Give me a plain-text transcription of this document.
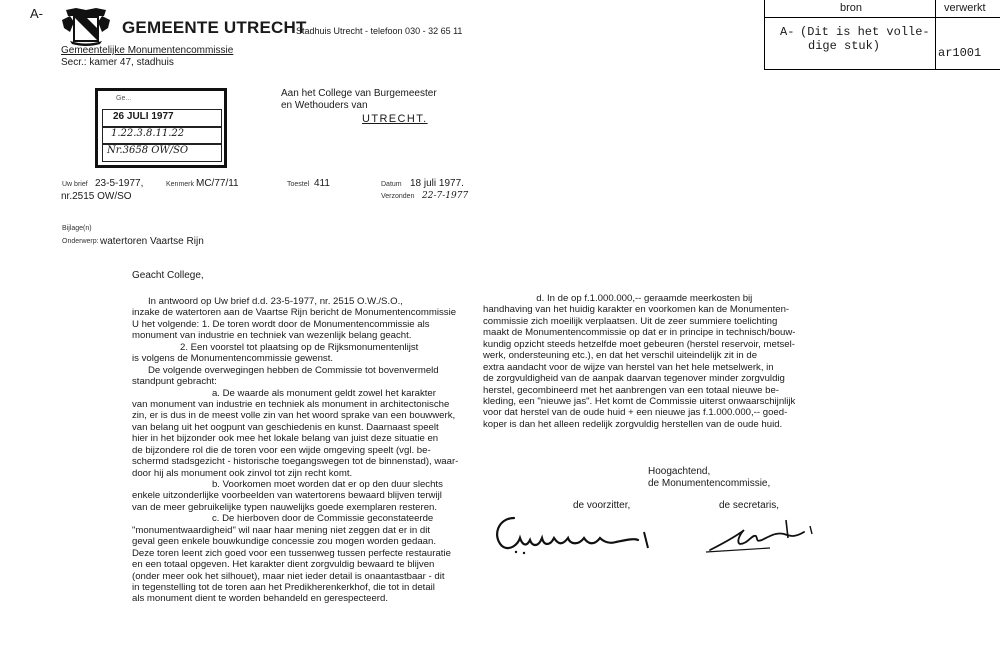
A-
GEMEENTE UTRECHT
Stadhuis Utrecht - telefoon 030 - 32 65 11
Gemeentelijke Monumentencommissie
Secr.: kamer 47, stadhuis
bron	verwerkt
A- (Dit is het volle-
dige stuk)	ar1001
Ge...
26 JULI 1977
1.22.3.8.11.22
Nr.3658 OW/SO
Aan het College van Burgemeester
en Wethouders van
UTRECHT.
Uw brief 23-5-1977,
nr.2515 OW/SO
Kenmerk MC/77/11	Toestel 411	Datum 18 juli 1977.
Verzonden 22-7-1977
Bijlage(n)
Onderwerp: watertoren Vaartse Rijn
Geacht College,
In antwoord op Uw brief d.d. 23-5-1977, nr. 2515 O.W./S.O.,
inzake de watertoren aan de Vaartse Rijn bericht de Monumentencommissie
U het volgende: 1. De toren wordt door de Monumentencommissie als
monument van industrie en techniek van wezenlijk belang geacht.
2. Een voorstel tot plaatsing op de Rijksmonumentenlijst
is volgens de Monumentencommissie gewenst.
De volgende overwegingen hebben de Commissie tot bovenvermeld
standpunt gebracht:
a. De waarde als monument geldt zowel het karakter
van monument van industrie en techniek als monument in architectonische
zin, er is dus in de meest volle zin van het woord sprake van een bouwwerk,
van belang uit het oogpunt van geschiedenis en kunst. Daarnaast speelt
hier in het bijzonder ook mee het lokale belang van juist deze situatie en
de bijzondere rol die de toren voor een wijde omgeving speelt (vgl. be-
schermd stadsgezicht - historische toegangswegen tot de binnenstad), waar-
door hij als monument ook zinvol tot zijn recht komt.
b. Voorkomen moet worden dat er op den duur slechts
enkele uitzonderlijke voorbeelden van watertorens bewaard blijven terwijl
van de meer gebruikelijke typen nauwelijks goede exemplaren resteren.
c. De hierboven door de Commissie geconstateerde
"monumentwaardigheid" wil naar haar mening niet zeggen dat er in dit
geval geen enkele bouwkundige concessie zou mogen worden gedaan.
Deze toren leent zich goed voor een tussenweg tussen perfecte restauratie
en een totaal opgeven. Het karakter dient zorgvuldig bewaard te blijven
(onder meer ook het silhouet), maar niet ieder detail is onaantastbaar - dit
in tegenstelling tot de toren aan het Predikherenkerkhof, die tot in detail
als monument dient te worden behandeld en gerespecteerd.
d. In de op f.1.000.000,-- geraamde meerkosten bij
handhaving van het huidig karakter en voorkomen kan de Monumenten-
commissie zich moeilijk verplaatsen. Uit de zeer summiere toelichting
maakt de Monumentencommissie op dat er in principe in technisch/bouw-
kundig opzicht steeds hetzelfde moet gebeuren (herstel reservoir, metsel-
werk, ondersteuning etc.), en dat het verschil uiteindelijk zit in de
extra aandacht voor de wijze van herstel van het hele metselwerk, in
de zorgvuldigheid van de aanpak daarvan tegenover minder zorgvuldig
herstel, gecombineerd met het aanbrengen van een totaal nieuwe be-
kleding, een "nieuwe jas". Het komt de Commissie uiterst onwaarschijnlijk
voor dat herstel van de oude huid + een nieuwe jas f.1.000.000,-- goed-
koper is dan het alleen redelijk zorgvuldig herstellen van de oude huid.
Hoogachtend,
de Monumentencommissie,
de voorzitter,	de secretaris,
